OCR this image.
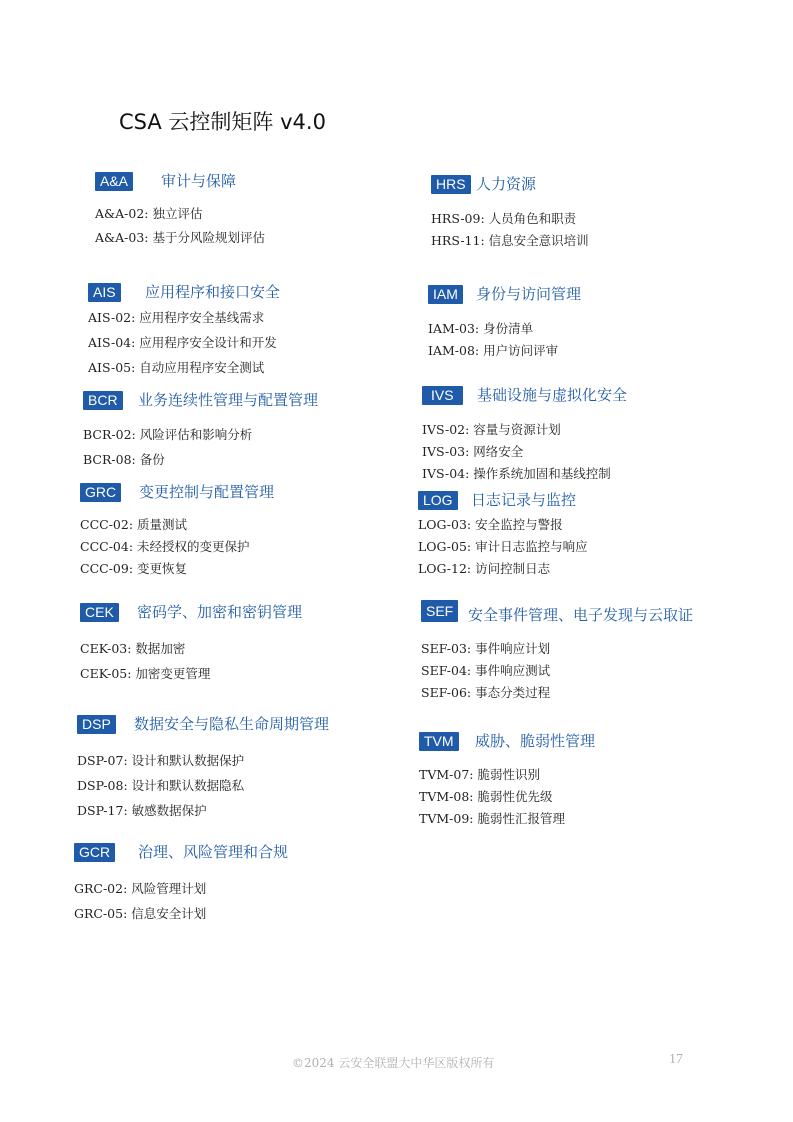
CSA 云控制矩阵 v4.0
A&A	审计与保障
A&A-02: 独立评估
A&A-03: 基于分风险规划评估
AIS	应用程序和接口安全
AIS-02: 应用程序安全基线需求
AIS-04: 应用程序安全设计和开发
AIS-05: 自动应用程序安全测试
BCR	业务连续性管理与配置管理
BCR-02: 风险评估和影响分析
BCR-08: 备份
GRC	变更控制与配置管理
CCC-02: 质量测试
CCC-04: 未经授权的变更保护
CCC-09: 变更恢复
CEK	密码学、加密和密钥管理
CEK-03: 数据加密
CEK-05: 加密变更管理
DSP	数据安全与隐私生命周期管理
DSP-07: 设计和默认数据保护
DSP-08: 设计和默认数据隐私
DSP-17: 敏感数据保护
GCR	治理、风险管理和合规
GRC-02: 风险管理计划
GRC-05: 信息安全计划
HRS 人力资源
HRS-09: 人员角色和职责
HRS-11: 信息安全意识培训
IAM	身份与访问管理
IAM-03: 身份清单
IAM-08: 用户访问评审
IVS	基础设施与虚拟化安全
IVS-02: 容量与资源计划
IVS-03: 网络安全
IVS-04: 操作系统加固和基线控制
LOG	日志记录与监控
LOG-03: 安全监控与警报
LOG-05: 审计日志监控与响应
LOG-12: 访问控制日志
SEF 安全事件管理、电子发现与云取证
SEF-03: 事件响应计划
SEF-04: 事件响应测试
SEF-06: 事态分类过程
TVM	威胁、脆弱性管理
TVM-07: 脆弱性识别
TVM-08: 脆弱性优先级
TVM-09: 脆弱性汇报管理
©2024 云安全联盟大中华区版权所有	17
